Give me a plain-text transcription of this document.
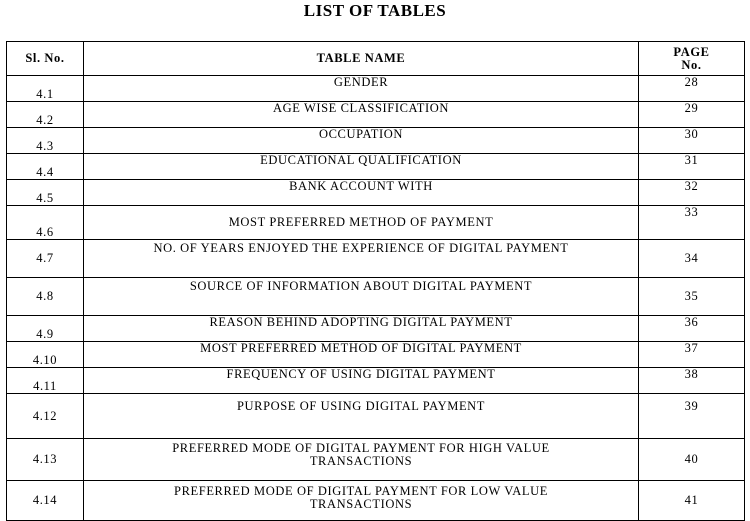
LIST OF TABLES
Sl. No.	TABLE NAME	PAGE
No.

4.1	GENDER	28
4.2	AGE WISE CLASSIFICATION	29
4.3	OCCUPATION	30
4.4	EDUCATIONAL QUALIFICATION	31
4.5	BANK ACCOUNT WITH	32
4.6	MOST PREFERRED METHOD OF PAYMENT	33
4.7	NO. OF YEARS ENJOYED THE EXPERIENCE OF DIGITAL PAYMENT	34
4.8	SOURCE OF INFORMATION ABOUT DIGITAL PAYMENT	35
4.9	REASON BEHIND ADOPTING DIGITAL PAYMENT	36
4.10	MOST PREFERRED METHOD OF DIGITAL PAYMENT	37
4.11	FREQUENCY OF USING DIGITAL PAYMENT	38
4.12	PURPOSE OF USING DIGITAL PAYMENT	39
4.13	PREFERRED MODE OF DIGITAL PAYMENT FOR HIGH VALUE TRANSACTIONS	40
4.14	PREFERRED MODE OF DIGITAL PAYMENT FOR LOW VALUE TRANSACTIONS	41
